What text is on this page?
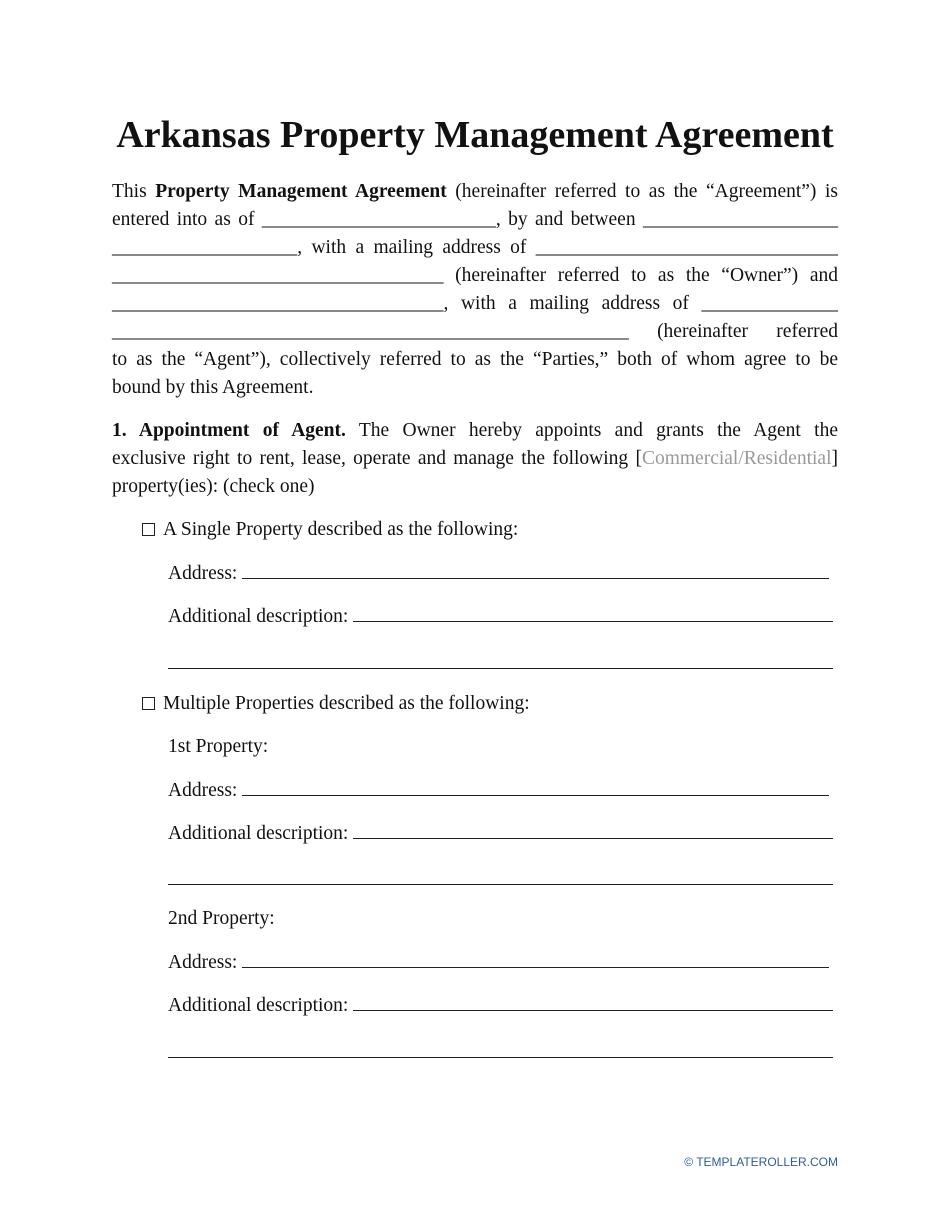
Arkansas Property Management Agreement
This Property Management Agreement (hereinafter referred to as the “Agreement”) is
entered into as of ________________________, by and between ____________________
___________________, with a mailing address of _______________________________
__________________________________ (hereinafter referred to as the “Owner”) and
__________________________________, with a mailing address of ______________
_____________________________________________________ (hereinafter referred
to as the “Agent”), collectively referred to as the “Parties,” both of whom agree to be
bound by this Agreement.
1. Appointment of Agent. The Owner hereby appoints and grants the Agent the
exclusive right to rent, lease, operate and manage the following [Commercial/Residential]
property(ies): (check one)
A Single Property described as the following:
Address:
Additional description:
Multiple Properties described as the following:
1st Property:
Address:
Additional description:
2nd Property:
Address:
Additional description:
© TEMPLATEROLLER.COM
